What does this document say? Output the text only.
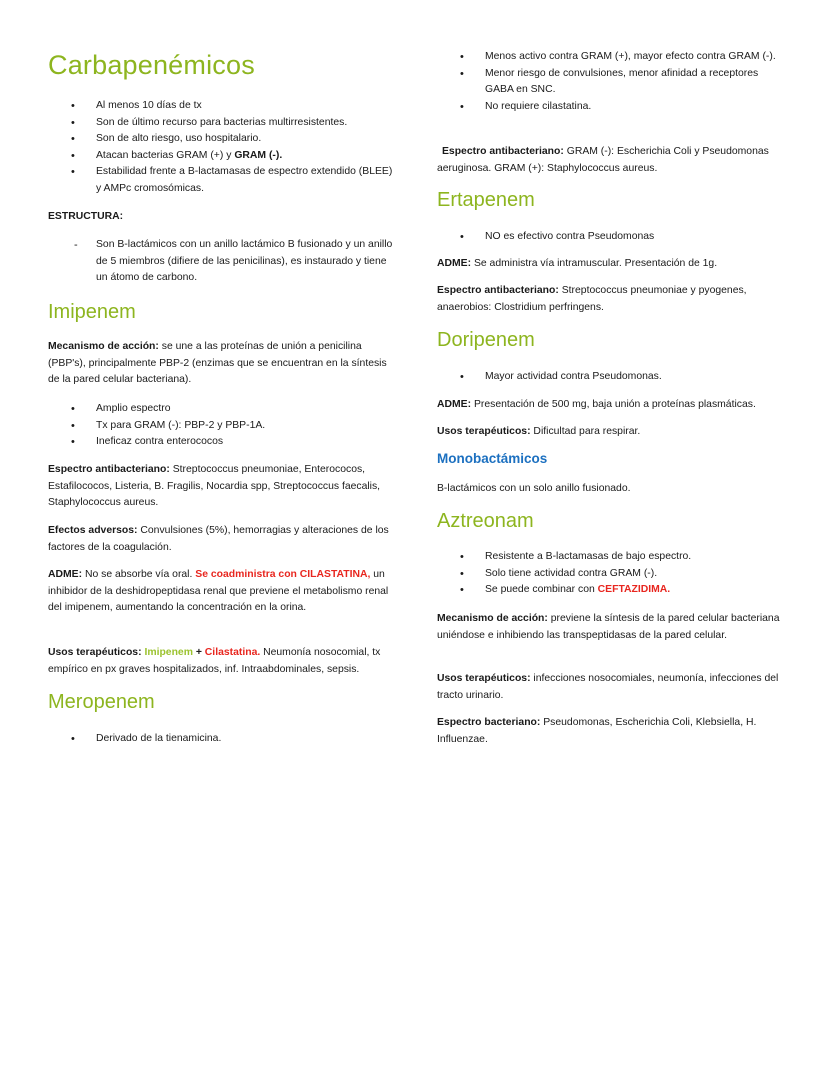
Carbapenémicos
• Al menos 10 días de tx
• Son de último recurso para bacterias multirresistentes.
• Son de alto riesgo, uso hospitalario.
• Atacan bacterias GRAM (+) y GRAM (-).
• Estabilidad frente a B-lactamasas de espectro extendido (BLEE) y AMPc cromosómicas.

ESTRUCTURA:

- Son B-lactámicos con un anillo lactámico B fusionado y un anillo de 5 miembros (difiere de las penicilinas), es instaurado y tiene un átomo de carbono.
Imipenem

Mecanismo de acción: se une a las proteínas de unión a penicilina (PBP's), principalmente PBP-2 (enzimas que se encuentran en la síntesis de la pared celular bacteriana).

• Amplio espectro
• Tx para GRAM (-): PBP-2 y PBP-1A.
• Ineficaz contra enterococos

Espectro antibacteriano: Streptococcus pneumoniae, Enterococos, Estafilococos, Listeria, B. Fragilis, Nocardia spp, Streptococcus faecalis, Staphylococcus aureus.

Efectos adversos: Convulsiones (5%), hemorragias y alteraciones de los factores de la coagulación.

ADME: No se absorbe vía oral. Se coadministra con CILASTATINA, un inhibidor de la deshidropeptidasa renal que previene el metabolismo renal del imipenem, aumentando la concentración en la orina.

Usos terapéuticos: Imipenem + Cilastatina. Neumonía nosocomial, tx empírico en px graves hospitalizados, inf. Intraabdominales, sepsis.

Meropenem
• Derivado de la tienamicina.
• Menos activo contra GRAM (+), mayor efecto contra GRAM (-).
• Menor riesgo de convulsiones, menor afinidad a receptores GABA en SNC.
• No requiere cilastatina.

Espectro antibacteriano: GRAM (-): Escherichia Coli y Pseudomonas aeruginosa. GRAM (+): Staphylococcus aureus.

Ertapenem
• NO es efectivo contra Pseudomonas

ADME: Se administra vía intramuscular. Presentación de 1g.

Espectro antibacteriano: Streptococcus pneumoniae y pyogenes, anaerobios: Clostridium perfringens.

Doripenem
• Mayor actividad contra Pseudomonas.

ADME: Presentación de 500 mg, baja unión a proteínas plasmáticas.

Usos terapéuticos: Dificultad para respirar.

Monobactámicos

B-lactámicos con un solo anillo fusionado.

Aztreonam
• Resistente a B-lactamasas de bajo espectro.
• Solo tiene actividad contra GRAM (-).
• Se puede combinar con CEFTAZIDIMA.

Mecanismo de acción: previene la síntesis de la pared celular bacteriana uniéndose e inhibiendo las transpeptidasas de la pared celular.

Usos terapéuticos: infecciones nosocomiales, neumonía, infecciones del tracto urinario.

Espectro bacteriano: Pseudomonas, Escherichia Coli, Klebsiella, H. Influenzae.
